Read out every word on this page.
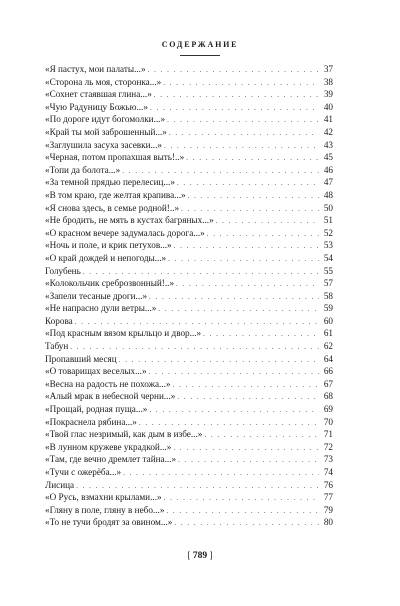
СОДЕРЖАНИЕ
«Я пастух, мои палаты...» . . .	37
«Сторона ль моя, сторонка...» . . .	38
«Сохнет стаявшая глина...» . . .	39
«Чую Радуницу Божью...» . . .	40
«По дороге идут богомолки...» . . .	41
«Край ты мой заброшенный...» . . .	42
«Заглушила засуха засевки...» . . .	43
«Черная, потом пропахшая выть!..» . . .	45
«Топи да болота...» . . .	46
«За темной прядью перелесиц...» . . .	47
«В том краю, где желтая крапива...» . . .	48
«Я снова здесь, в семье родной!..» . . .	50
«Не бродить, не мять в кустах багряных...» . . .	51
«О красном вечере задумалась дорога...» . . .	52
«Ночь и поле, и крик петухов...» . . .	53
«О край дождей и непогоды...» . . .	54
Голубень . . .	55
«Колокольчик среброзвонный!..» . . .	57
«Запели тесаные дроги...» . . .	58
«Не напрасно дули ветры...» . . .	59
Корова . . .	60
«Под красным вязом крыльцо и двор...» . . .	61
Табун . . .	62
Пропавший месяц . . .	64
«О товарищах веселых...» . . .	66
«Весна на радость не похожа...» . . .	67
«Алый мрак в небесной черни...» . . .	68
«Прощай, родная пуща...» . . .	69
«Покраснела рябина...» . . .	70
«Твой глас незримый, как дым в избе...» . . .	71
«В лунном кружеве украдкой...» . . .	72
«Там, где вечно дремлет тайна...» . . .	73
«Тучи с ожерёба...» . . .	74
Лисица . . .	76
«О Русь, взмахни крылами...» . . .	77
«Гляну в поле, гляну в небо...» . . .	79
«То не тучи бродят за овином...» . . .	80
[ 789 ]
